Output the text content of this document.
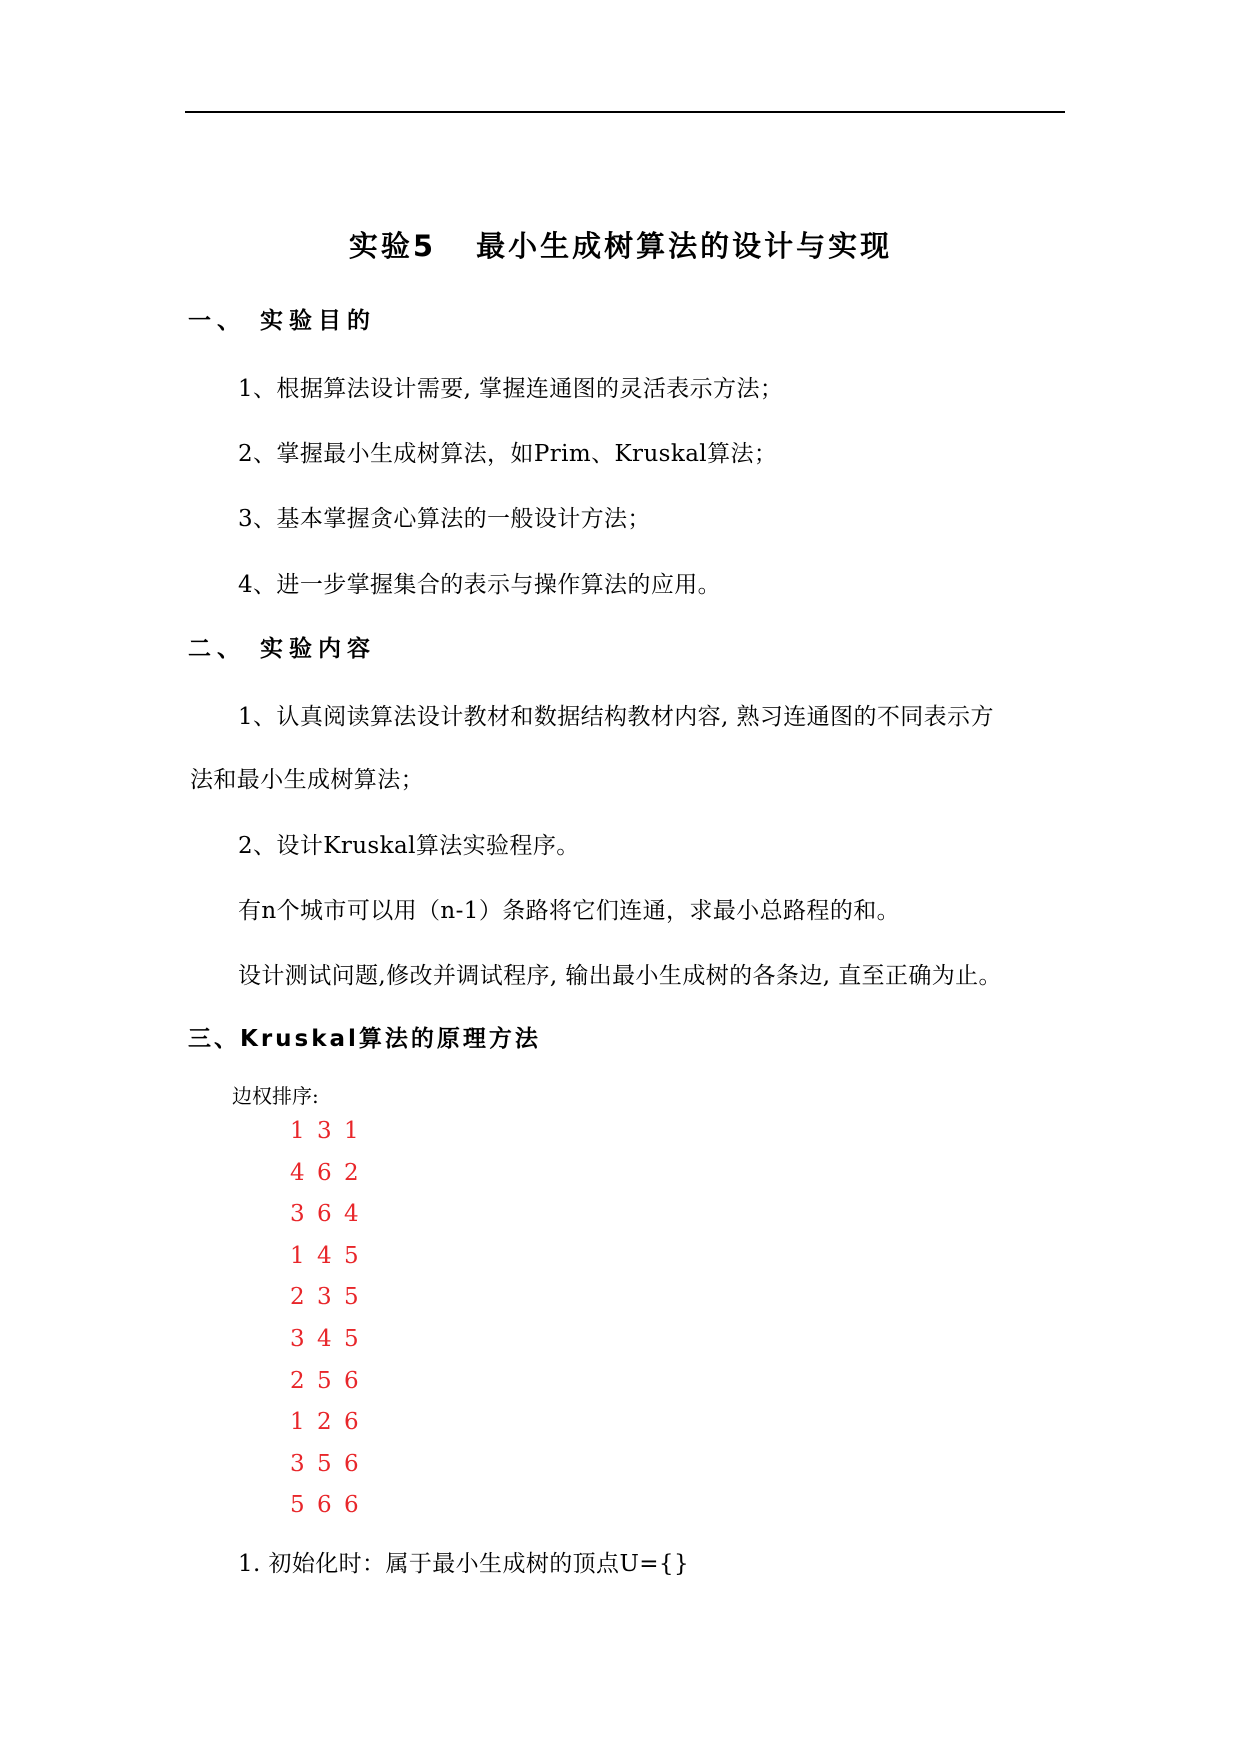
实验5 最小生成树算法的设计与实现
一、 实验目的
1、根据算法设计需要, 掌握连通图的灵活表示方法；
2、掌握最小生成树算法，如Prim、Kruskal算法；
3、基本掌握贪心算法的一般设计方法；
4、进一步掌握集合的表示与操作算法的应用。
二、 实验内容
1、认真阅读算法设计教材和数据结构教材内容, 熟习连通图的不同表示方
法和最小生成树算法；
2、设计Kruskal算法实验程序。
有n个城市可以用（n-1）条路将它们连通，求最小总路程的和。
设计测试问题,修改并调试程序, 输出最小生成树的各条边, 直至正确为止。
三、Kruskal算法的原理方法
边权排序:
1 3 1
4 6 2
3 6 4
1 4 5
2 3 5
3 4 5
2 5 6
1 2 6
3 5 6
5 6 6
1. 初始化时：属于最小生成树的顶点U={}
